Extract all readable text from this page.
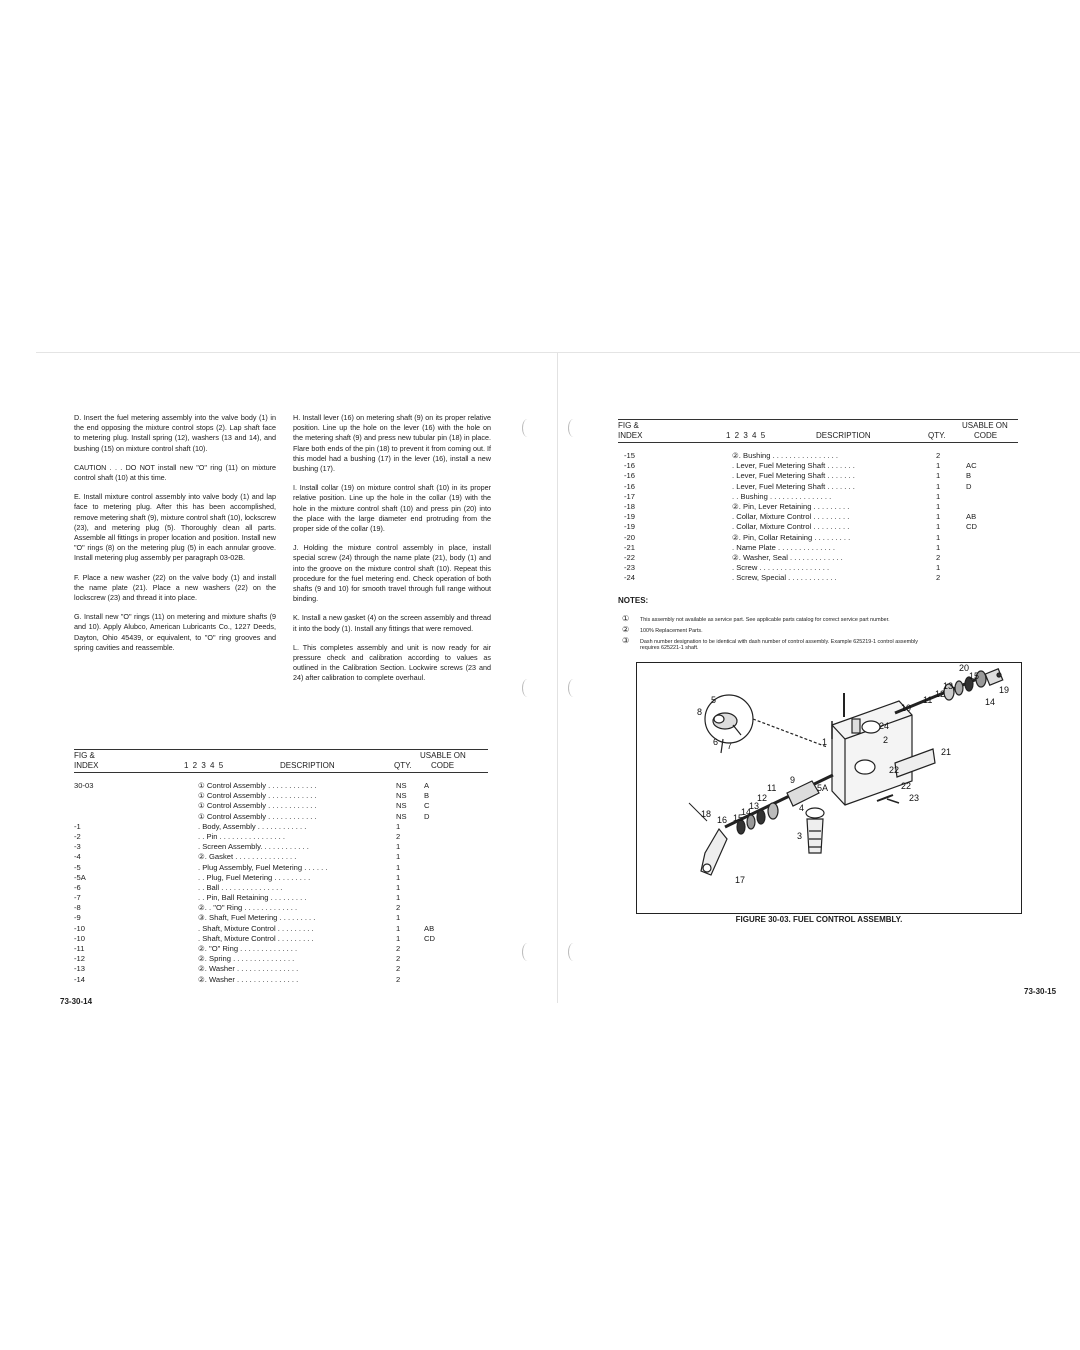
D. Insert the fuel metering assembly into the valve body (1) in the end opposing the mixture control stops (2). Lap shaft face to metering plug. Install spring (12), washers (13 and 14), and bushing (15) on mixture control shaft (10).

CAUTION . . . DO NOT install new "O" ring (11) on mixture control shaft (10) at this time.

E. Install mixture control assembly into valve body (1) and lap face to metering plug. After this has been accomplished, remove metering shaft (9), mixture control shaft (10), lockscrew (23), and metering plug (5). Thoroughly clean all parts. Assemble all fittings in proper location and position. Install new "O" rings (8) on the metering plug (5) in each annular groove. Install metering plug assembly per paragraph 03-02B.

F. Place a new washer (22) on the valve body (1) and install the name plate (21). Place a new washers (22) on the lockscrew (23) and thread it into place.

G. Install new "O" rings (11) on metering and mixture shafts (9 and 10). Apply Alubco, American Lubricants Co., 1227 Deeds, Dayton, Ohio 45439, or equivalent, to "O" ring grooves and spring cavities and reassemble.

H. Install lever (16) on metering shaft (9) on its proper relative position. Line up the hole on the lever (16) with the hole on the metering shaft (9) and press new tubular pin (18) in place. Flare both ends of the pin (18) to prevent it from coming out. If this model had a bushing (17) in the lever (16), install a new bushing (17).

I. Install collar (19) on mixture control shaft (10) in its proper relative position. Line up the hole in the collar (19) with the hole in the mixture control shaft (10) and press pin (20) into the place with the large diameter end protruding from the proper side of the collar (19).

J. Holding the mixture control assembly in place, install special screw (24) through the name plate (21), body (1) and into the groove on the mixture control shaft (10). Repeat this procedure for the fuel metering end. Check operation of both shafts (9 and 10) for smooth travel through full range without binding.

K. Install a new gasket (4) on the screen assembly and thread it into the body (1). Install any fittings that were removed.

L. This completes assembly and unit is now ready for air pressure check and calibration according to values as outlined in the Calibration Section. Lockwire screws (23 and 24) after calibration to complete overhaul.

FIG &
INDEX	1 2 3 4 5	DESCRIPTION	QTY.
USABLE ON
CODE
30-03	① Control Assembly . . . . . . . . . . . .	NS A
① Control Assembly . . . . . . . . . . . .	NS B
① Control Assembly . . . . . . . . . . . .	NS C
① Control Assembly . . . . . . . . . . . .	NS D
-1	. Body, Assembly . . . . . . . . . . . .	1
-2	. . Pin . . . . . . . . . . . . . . . .	2
-3	. Screen Assembly. . . . . . . . . . . .	1
-4	②. Gasket . . . . . . . . . . . . . . .	1
-5	. Plug Assembly, Fuel Metering . . . . . .	1
-5A	. . Plug, Fuel Metering . . . . . . . . .	1
-6	. . Ball . . . . . . . . . . . . . . .	1
-7	. . Pin, Ball Retaining . . . . . . . . .	1
-8	②. . "O" Ring . . . . . . . . . . . . .	2
-9	③. Shaft, Fuel Metering . . . . . . . . .	1
-10	. Shaft, Mixture Control . . . . . . . . .	1	AB
-10	. Shaft, Mixture Control . . . . . . . . .	1	CD
-11	②. "O" Ring . . . . . . . . . . . . . .	2
-12	②. Spring . . . . . . . . . . . . . . .	2
-13	②. Washer . . . . . . . . . . . . . . .	2
-14	②. Washer . . . . . . . . . . . . . . .	2
73-30-14
FIG &
INDEX	1 2 3 4 5	DESCRIPTION	QTY.
USABLE ON
CODE
-15	②. Bushing . . . . . . . . . . . . . . . .	2
-16	. Lever, Fuel Metering Shaft . . . . . . .	1	AC
-16	. Lever, Fuel Metering Shaft . . . . . . .	1	B
-16	. Lever, Fuel Metering Shaft . . . . . . .	1	D
-17	. . Bushing . . . . . . . . . . . . . . .	1
-18	②. Pin, Lever Retaining . . . . . . . . .	1
-19	. Collar, Mixture Control . . . . . . . . .	1	AB
-19	. Collar, Mixture Control . . . . . . . . .	1	CD
-20	②. Pin, Collar Retaining . . . . . . . . .	1
-21	. Name Plate . . . . . . . . . . . . . .	1
-22	②. Washer, Seal . . . . . . . . . . . . .	2
-23	. Screw . . . . . . . . . . . . . . . . .	1
-24	. Screw, Special . . . . . . . . . . . .	2
NOTES:
① This assembly not available as service part. See applicable parts catalog for correct service part number.
② 100% Replacement Parts.
③ Dash number designation to be identical with dash number of control assembly. Example 625219-1 control assembly
requires 625221-1 shaft.
20
15
13
12
11
19
14
10
24
2
8
5
6 7	1
22
21
5A
9
11
12
13
14
15
16
18
4
22
23
3
17
FIGURE 30-03. FUEL CONTROL ASSEMBLY.
73-30-15
